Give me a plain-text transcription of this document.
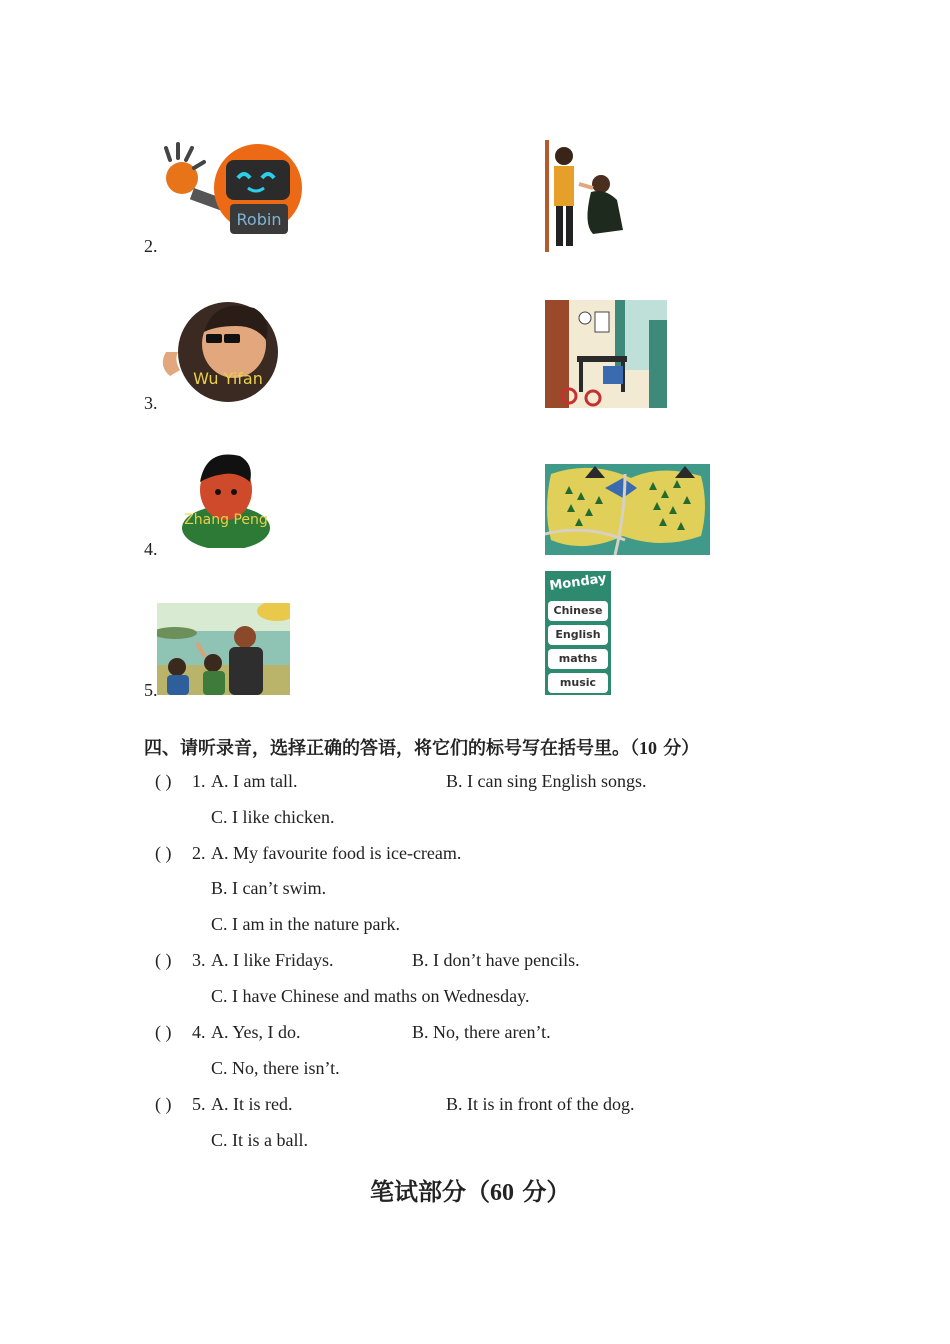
2.
Robin
3.
Wu Yifan
4.
Zhang Peng
5.
Monday
Chinese
English
maths
music
四、请听录音，选择正确的答语，将它们的标号写在括号里。（10 分）
( ) 1. A. I am tall.	B. I can sing English songs.
C. I like chicken.
( ) 2. A. My favourite food is ice-cream.
B. I can’t swim.
C. I am in the nature park.
( ) 3. A. I like Fridays.	B. I don’t have pencils.
C. I have Chinese and maths on Wednesday.
( ) 4. A. Yes, I do.	B. No, there aren’t.
C. No, there isn’t.
( ) 5. A. It is red.	B. It is in front of the dog.
C. It is a ball.
笔试部分（60 分）
